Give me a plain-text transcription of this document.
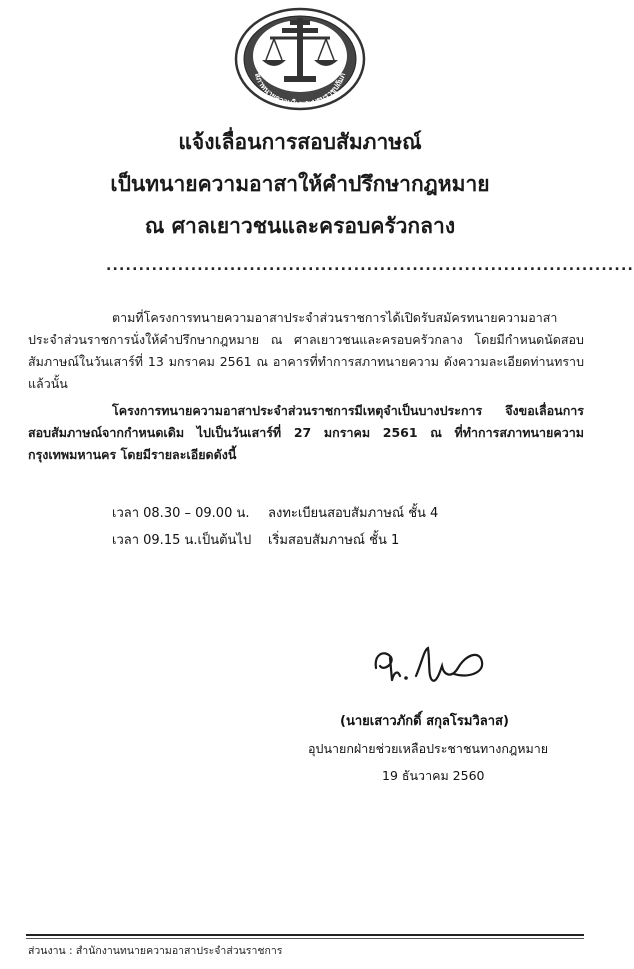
สภาทนายความในพระบรมราชูปถัมภ์
แจ้งเลื่อนการสอบสัมภาษณ์
เป็นทนายความอาสาให้คำปรึกษากฎหมาย
ณ ศาลเยาวชนและครอบครัวกลาง
.................................................................................
ตามที่โครงการทนายความอาสาประจำส่วนราชการได้เปิดรับสมัครทนายความอาสาประจำส่วนราชการนั่งให้คำปรึกษากฎหมาย ณ ศาลเยาวชนและครอบครัวกลาง โดยมีกำหนดนัดสอบสัมภาษณ์ในวันเสาร์ที่ 13 มกราคม 2561 ณ อาคารที่ทำการสภาทนายความ ดังความละเอียดท่านทราบแล้วนั้น
โครงการทนายความอาสาประจำส่วนราชการมีเหตุจำเป็นบางประการ จึงขอเลื่อนการสอบสัมภาษณ์จากกำหนดเดิม ไปเป็นวันเสาร์ที่ 27 มกราคม 2561 ณ ที่ทำการสภาทนายความกรุงเทพมหานคร โดยมีรายละเอียดดังนี้
เวลา 08.30 – 09.00 น. ลงทะเบียนสอบสัมภาษณ์ ชั้น 4
เวลา 09.15 น.เป็นต้นไป เริ่มสอบสัมภาษณ์ ชั้น 1
(นายเสาวภักดิ์ สกุลโรมวิลาส)
อุปนายกฝ่ายช่วยเหลือประชาชนทางกฎหมาย
19 ธันวาคม 2560
ส่วนงาน : สำนักงานทนายความอาสาประจำส่วนราชการ
